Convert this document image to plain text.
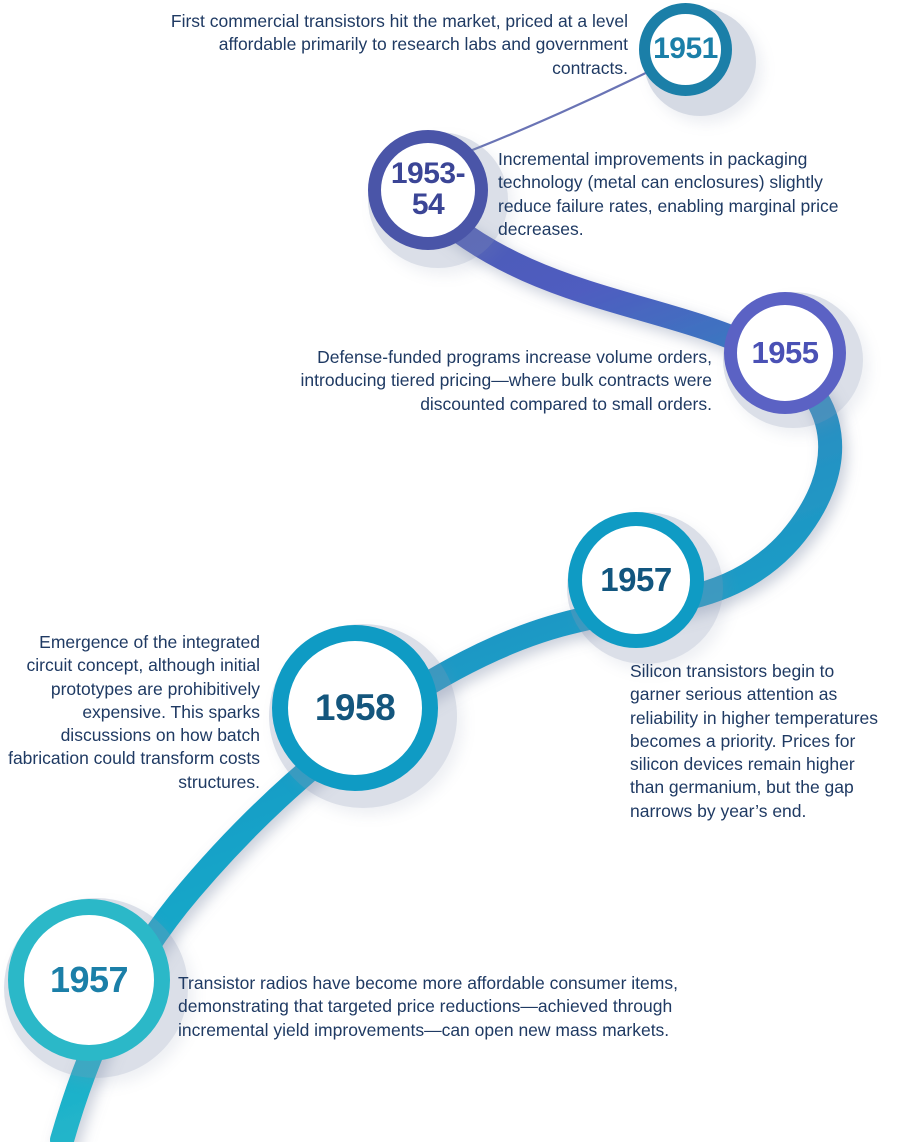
1951
First commercial transistors hit the market, priced at a level affordable primarily to research labs and government contracts.
1953-54
Incremental improvements in packaging technology (metal can enclosures) slightly reduce failure rates, enabling marginal price decreases.
1955
Defense-funded programs increase volume orders, introducing tiered pricing—where bulk contracts were discounted compared to small orders.
1957
Silicon transistors begin to garner serious attention as reliability in higher temperatures becomes a priority. Prices for silicon devices remain higher than germanium, but the gap narrows by year’s end.
1958
Emergence of the integrated circuit concept, although initial prototypes are prohibitively expensive. This sparks discussions on how batch fabrication could transform costs structures.
1957	Transistor radios have become more affordable consumer items, demonstrating that targeted price reductions—achieved through incremental yield improvements—can open new mass markets.
